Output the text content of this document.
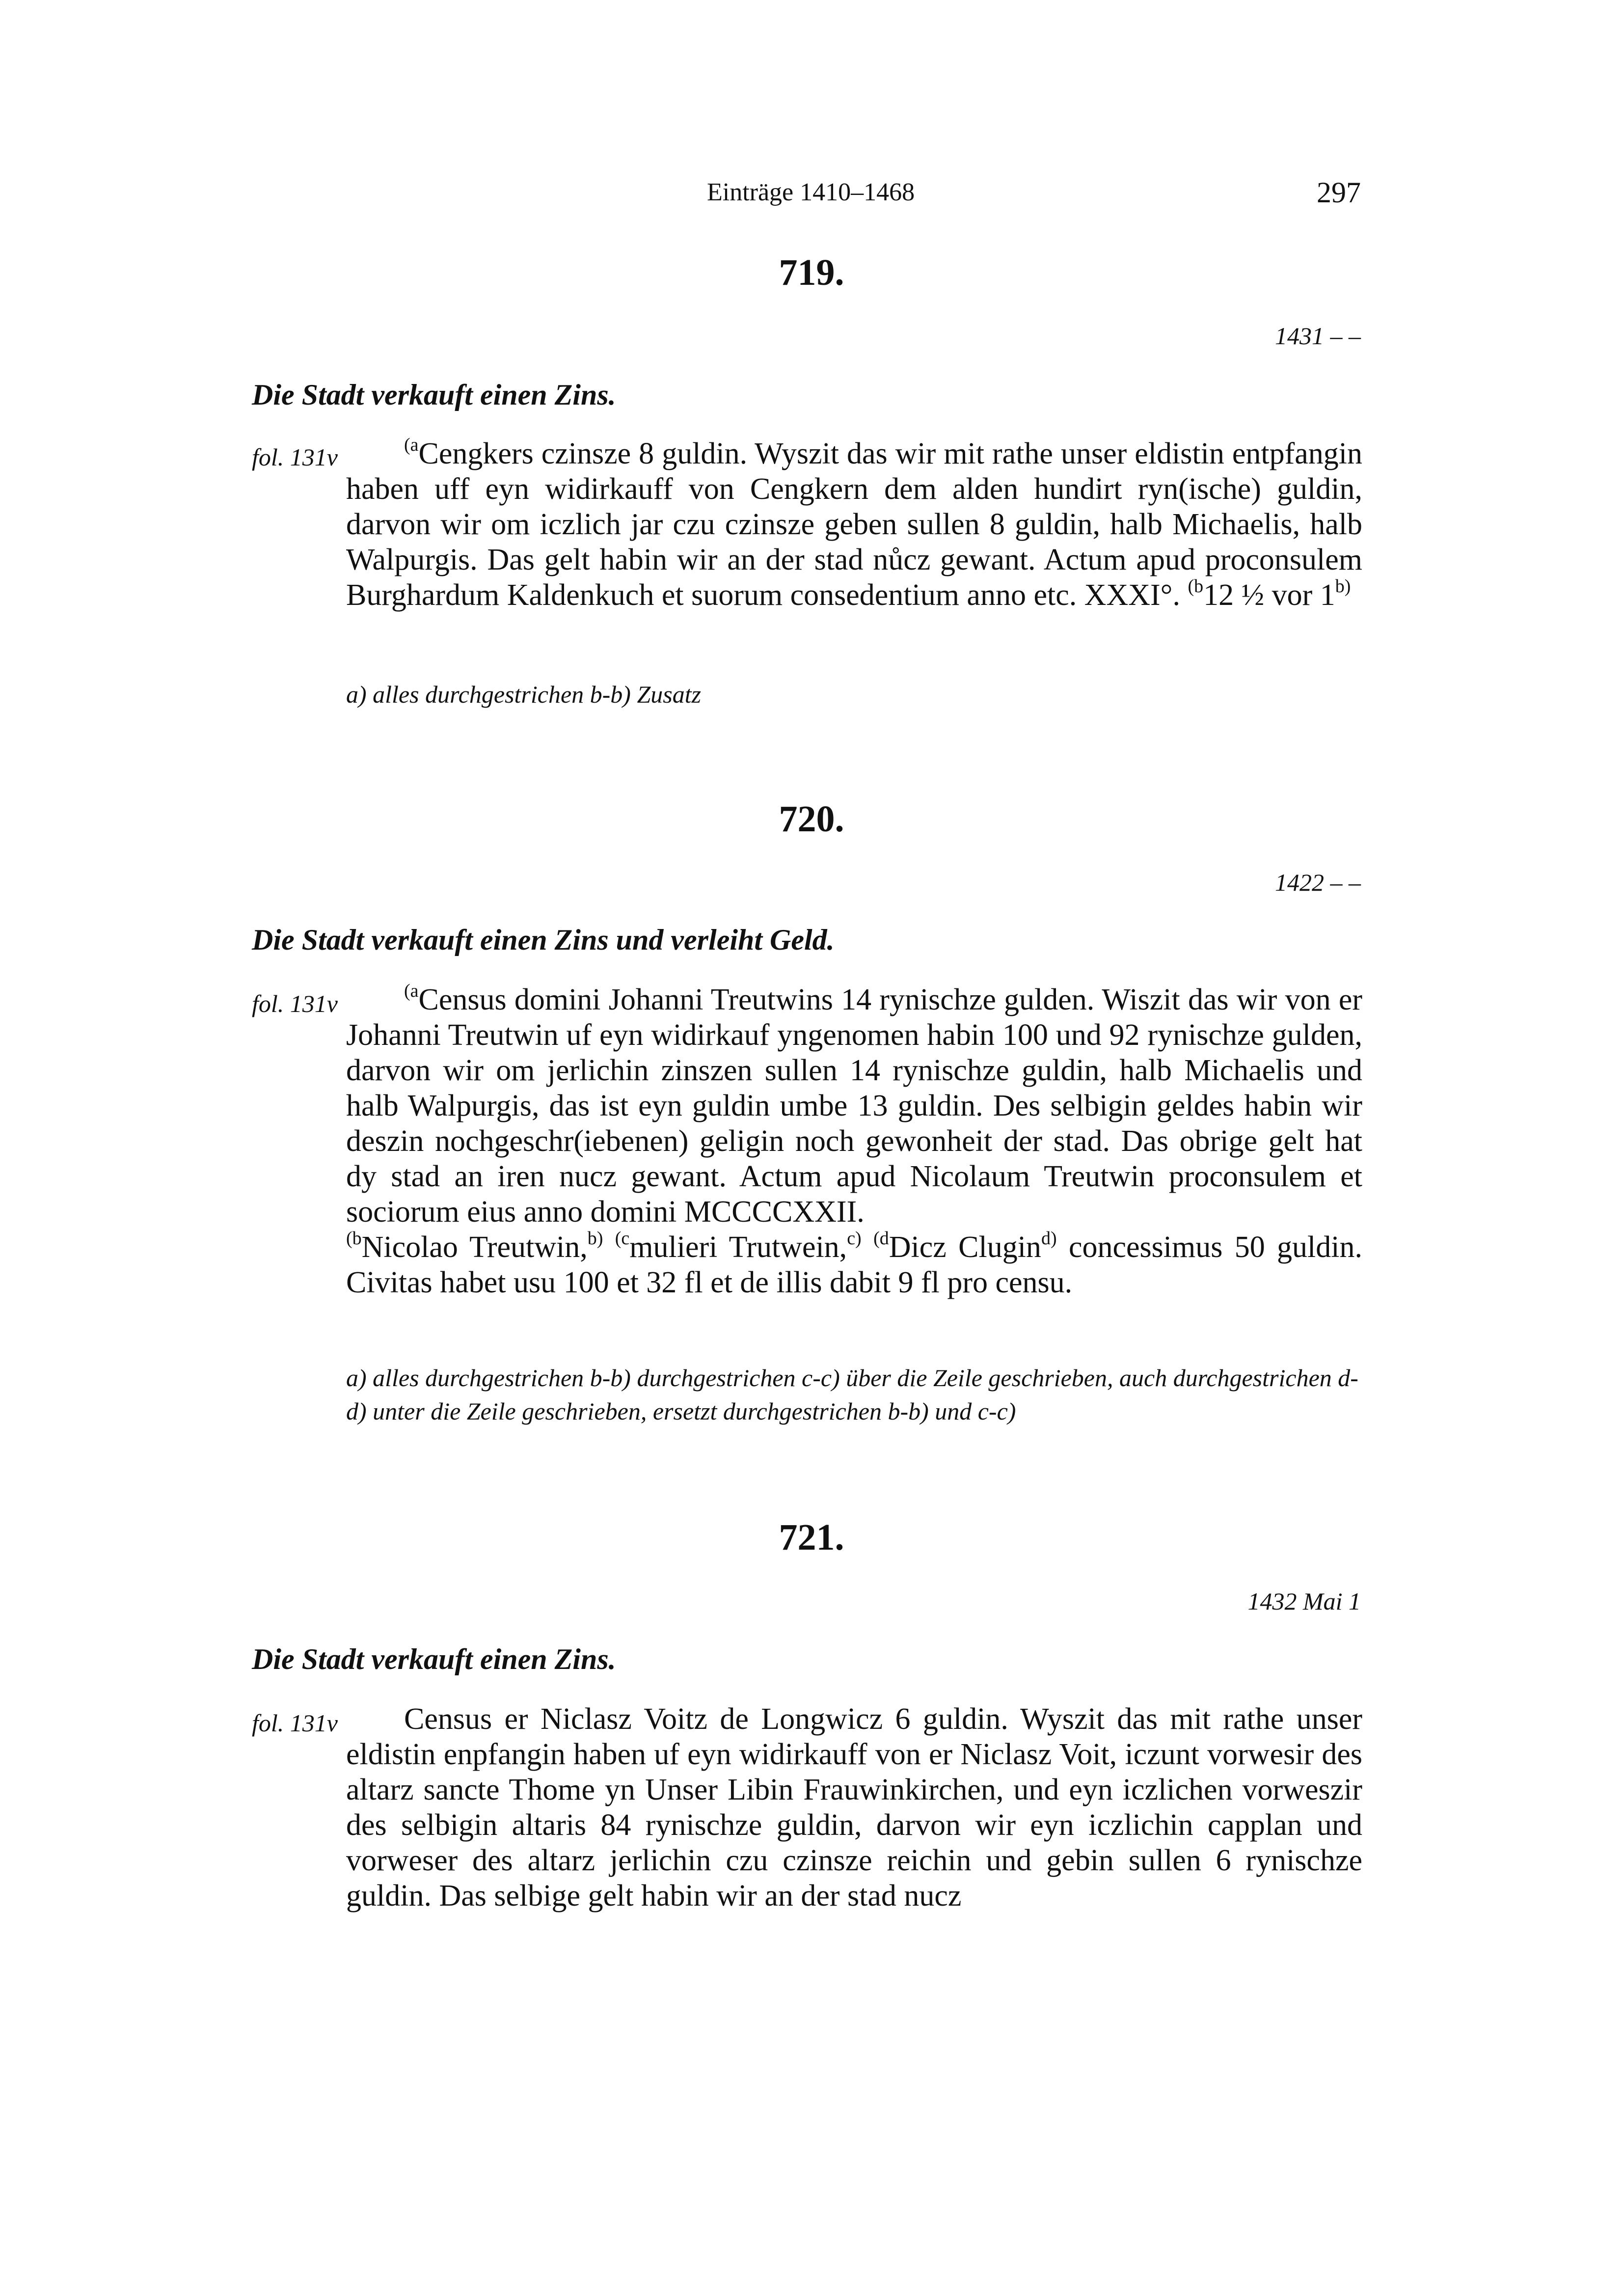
Einträge 1410–1468	297
719.
1431 – –
Die Stadt verkauft einen Zins.
fol. 131v	$^{(a}$Cengkers czinsze 8 guldin. Wyszit das wir mit rathe unser eldistin entpfangin haben uff eyn widirkauff von Cengkern dem alden hundirt ryn(ische) guldin, darvon wir om iczlich jar czu czinsze geben sullen 8 guldin, halb Michaelis, halb Walpurgis. Das gelt habin wir an der stad nůcz gewant. Actum apud proconsulem Burghardum Kaldenkuch et suorum consedentium anno etc. XXXI°. $^{(b}$12 ½ vor 1$^{b)}$

a) alles durchgestrichen b-b) Zusatz
720.
1422 – –
Die Stadt verkauft einen Zins und verleiht Geld.
fol. 131v	$^{(a}$Census domini Johanni Treutwins 14 rynischze gulden. Wiszit das wir von er Johanni Treutwin uf eyn widirkauf yngenomen habin 100 und 92 rynischze gulden, darvon wir om jerlichin zinszen sullen 14 rynischze guldin, halb Michaelis und halb Walpurgis, das ist eyn guldin umbe 13 guldin. Des selbigin geldes habin wir deszin nochgeschr(iebenen) geligin noch gewonheit der stad. Das obrige gelt hat dy stad an iren nucz gewant. Actum apud Nicolaum Treutwin proconsulem et sociorum eius anno domini MCCCCXXII.

$^{(b}$Nicolao Treutwin,$^{b)}$ $^{(c}$mulieri Trutwein,$^{c)}$ $^{(d}$Dicz Clugin$^{d)}$ concessimus 50 guldin. Civitas habet usu 100 et 32 fl et de illis dabit 9 fl pro censu.

a) alles durchgestrichen b-b) durchgestrichen c-c) über die Zeile geschrieben, auch durchgestrichen d-d) unter die Zeile geschrieben, ersetzt durchgestrichen b-b) und c-c)
721.
1432 Mai 1
Die Stadt verkauft einen Zins.
fol. 131v	Census er Niclasz Voitz de Longwicz 6 guldin. Wyszit das mit rathe unser eldistin enpfangin haben uf eyn widirkauff von er Niclasz Voit, iczunt vorwesir des altarz sancte Thome yn Unser Libin Frauwinkirchen, und eyn iczlichen vorweszir des selbigin altaris 84 rynischze guldin, darvon wir eyn iczlichin capplan und vorweser des altarz jerlichin czu czinsze reichin und gebin sullen 6 rynischze guldin. Das selbige gelt habin wir an der stad nucz
